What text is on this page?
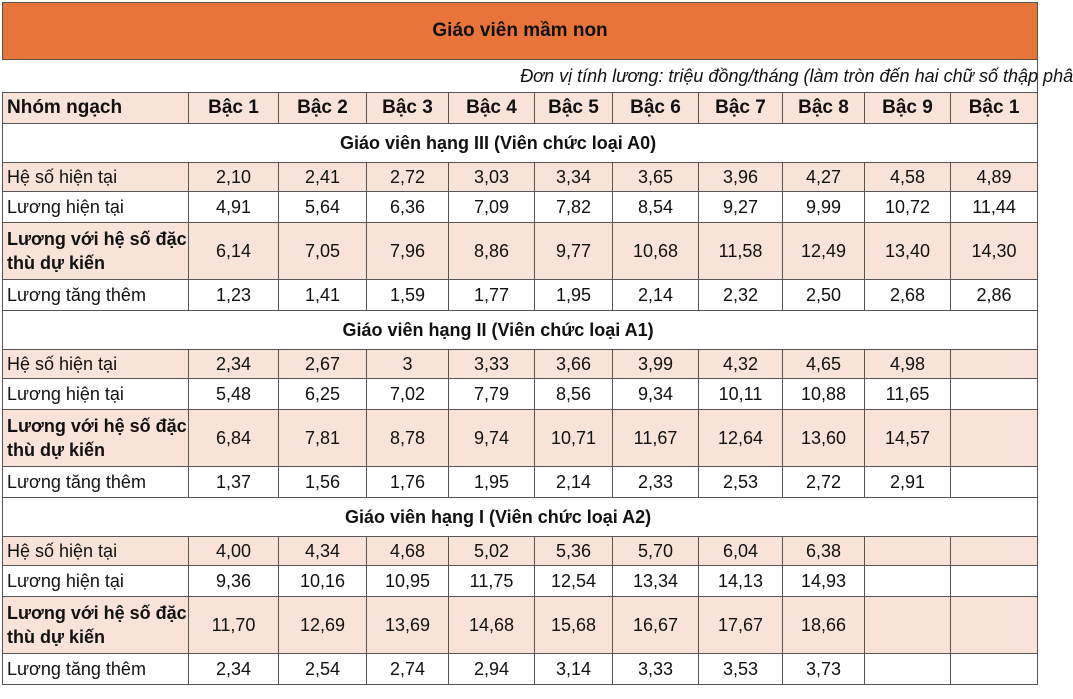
Giáo viên mầm non										
Đơn vị tính lương: triệu đồng/tháng (làm tròn đến hai chữ số thập phâ										
Nhóm ngạch	Bậc 1	Bậc 2	Bậc 3	Bậc 4	Bậc 5	Bậc 6	Bậc 7	Bậc 8	Bậc 9	Bậc 1
Giáo viên hạng III (Viên chức loại A0)										
Hệ số hiện tại	2,10	2,41	2,72	3,03	3,34	3,65	3,96	4,27	4,58	4,89
Lương hiện tại	4,91	5,64	6,36	7,09	7,82	8,54	9,27	9,99	10,72	11,44
Lương với hệ số đặc thù dự kiến	6,14	7,05	7,96	8,86	9,77	10,68	11,58	12,49	13,40	14,30
Lương tăng thêm	1,23	1,41	1,59	1,77	1,95	2,14	2,32	2,50	2,68	2,86
Giáo viên hạng II (Viên chức loại A1)										
Hệ số hiện tại	2,34	2,67	3	3,33	3,66	3,99	4,32	4,65	4,98	
Lương hiện tại	5,48	6,25	7,02	7,79	8,56	9,34	10,11	10,88	11,65	
Lương với hệ số đặc thù dự kiến	6,84	7,81	8,78	9,74	10,71	11,67	12,64	13,60	14,57	
Lương tăng thêm	1,37	1,56	1,76	1,95	2,14	2,33	2,53	2,72	2,91	
Giáo viên hạng I (Viên chức loại A2)										
Hệ số hiện tại	4,00	4,34	4,68	5,02	5,36	5,70	6,04	6,38		
Lương hiện tại	9,36	10,16	10,95	11,75	12,54	13,34	14,13	14,93		
Lương với hệ số đặc thù dự kiến	11,70	12,69	13,69	14,68	15,68	16,67	17,67	18,66		
Lương tăng thêm	2,34	2,54	2,74	2,94	3,14	3,33	3,53	3,73		
